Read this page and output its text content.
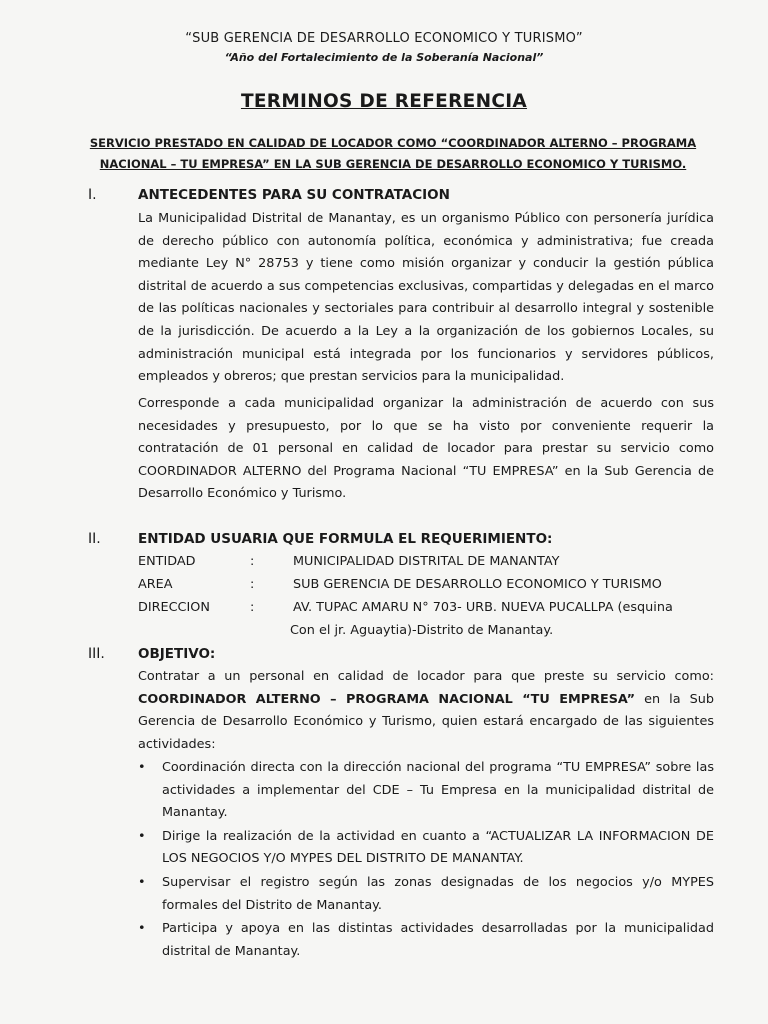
“SUB GERENCIA DE DESARROLLO ECONOMICO Y TURISMO”
“Año del Fortalecimiento de la Soberanía Nacional”
TERMINOS DE REFERENCIA
SERVICIO PRESTADO EN CALIDAD DE LOCADOR COMO “COORDINADOR ALTERNO – PROGRAMA NACIONAL – TU EMPRESA” EN LA SUB GERENCIA DE DESARROLLO ECONOMICO Y TURISMO.
I.	ANTECEDENTES PARA SU CONTRATACION
La Municipalidad Distrital de Manantay, es un organismo Público con personería jurídica de derecho público con autonomía política, económica y administrativa; fue creada mediante Ley N° 28753 y tiene como misión organizar y conducir la gestión pública distrital de acuerdo a sus competencias exclusivas, compartidas y delegadas en el marco de las políticas nacionales y sectoriales para contribuir al desarrollo integral y sostenible de la jurisdicción. De acuerdo a la Ley a la organización de los gobiernos Locales, su administración municipal está integrada por los funcionarios y servidores públicos, empleados y obreros; que prestan servicios para la municipalidad.
Corresponde a cada municipalidad organizar la administración de acuerdo con sus necesidades y presupuesto, por lo que se ha visto por conveniente requerir la contratación de 01 personal en calidad de locador para prestar su servicio como COORDINADOR ALTERNO del Programa Nacional “TU EMPRESA” en la Sub Gerencia de Desarrollo Económico y Turismo.
II.	ENTIDAD USUARIA QUE FORMULA EL REQUERIMIENTO:
ENTIDAD	:	MUNICIPALIDAD DISTRITAL DE MANANTAY
AREA	:	SUB GERENCIA DE DESARROLLO ECONOMICO Y TURISMO
DIRECCION	:	AV. TUPAC AMARU N° 703- URB. NUEVA PUCALLPA (esquina
Con el jr. Aguaytia)-Distrito de Manantay.
III. OBJETIVO:
Contratar a un personal en calidad de locador para que preste su servicio como: COORDINADOR ALTERNO – PROGRAMA NACIONAL “TU EMPRESA” en la Sub Gerencia de Desarrollo Económico y Turismo, quien estará encargado de las siguientes actividades:
• Coordinación directa con la dirección nacional del programa “TU EMPRESA” sobre las actividades a implementar del CDE – Tu Empresa en la municipalidad distrital de Manantay.
• Dirige la realización de la actividad en cuanto a “ACTUALIZAR LA INFORMACION DE LOS NEGOCIOS Y/O MYPES DEL DISTRITO DE MANANTAY.
• Supervisar el registro según las zonas designadas de los negocios y/o MYPES formales del Distrito de Manantay.
• Participa y apoya en las distintas actividades desarrolladas por la municipalidad distrital de Manantay.
